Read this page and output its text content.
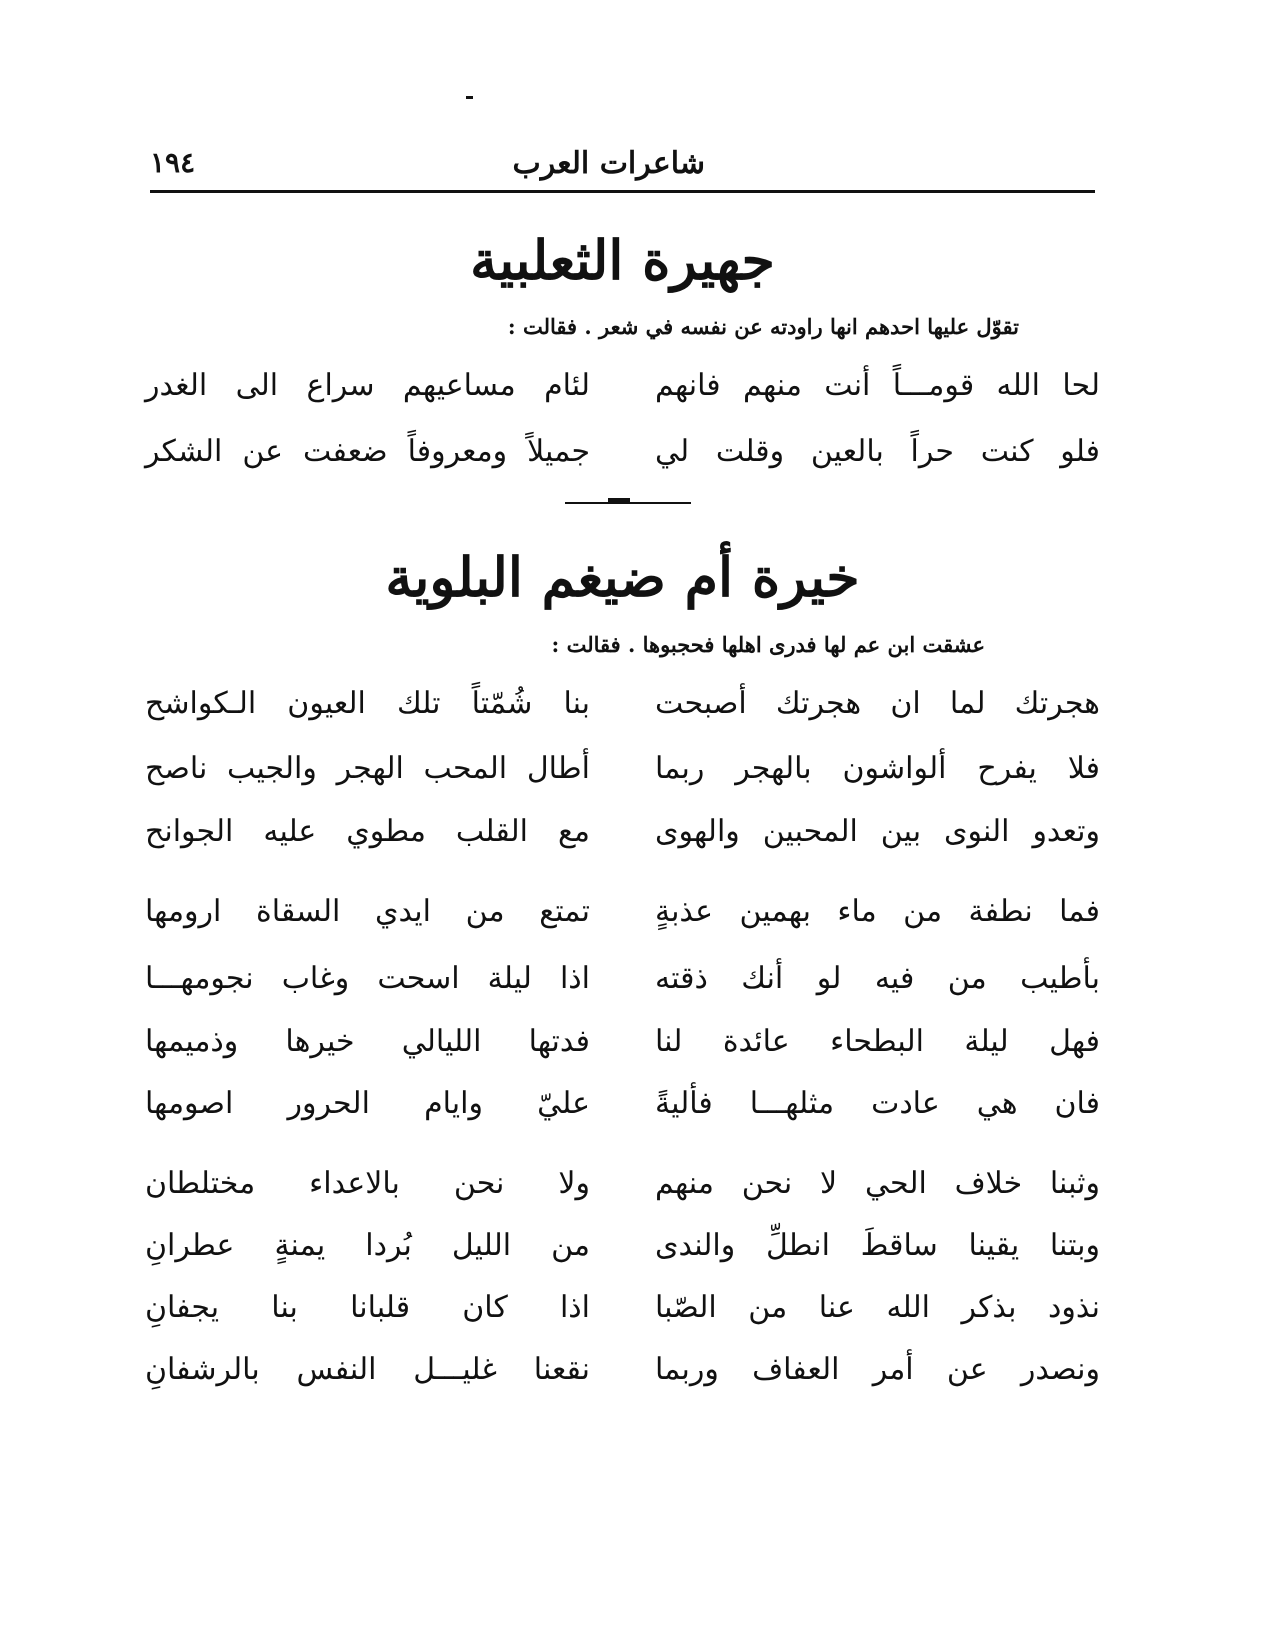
شاعرات العرب
١٩٤
جهيرة الثعلبية
تقوّل عليها احدهم انها راودته عن نفسه في شعر . فقالت :
لحا الله قومـــاً أنت منهم فانهم
لئام مساعيهم سراع الى الغدر
فلو كنت حراً بالعين وقلت لي
جميلاً ومعروفاً ضعفت عن الشكر
خيرة أم ضيغم البلوية
عشقت ابن عم لها فدرى اهلها فحجبوها . فقالت :
هجرتك لما ان هجرتك أصبحت
بنا شُمّتاً تلك العيون الـكواشح
فلا يفرح ألواشون بالهجر ربما
أطال المحب الهجر والجيب ناصح
وتعدو النوى بين المحبين والهوى
مع القلب مطوي عليه الجوانح
فما نطفة من ماء بهمين عذبةٍ
تمتع من ايدي السقاة ارومها
بأطيب من فيه لو أنك ذقته
اذا ليلة اسحت وغاب نجومهـــا
فهل ليلة البطحاء عائدة لنا
فدتها الليالي خيرها وذميمها
فان هي عادت مثلهـــا فأليةً
عليّ وايام الحرور اصومها
وثبنا خلاف الحي لا نحن منهم
ولا نحن بالاعداء مختلطان
وبتنا يقينا ساقطَ انطلِّ والندى
من الليل بُردا يمنةٍ عطرانِ
نذود بذكر الله عنا من الصّبا
اذا كان قلبانا بنا يجفانِ
ونصدر عن أمر العفاف وربما
نقعنا غليـــل النفس بالرشفانِ
